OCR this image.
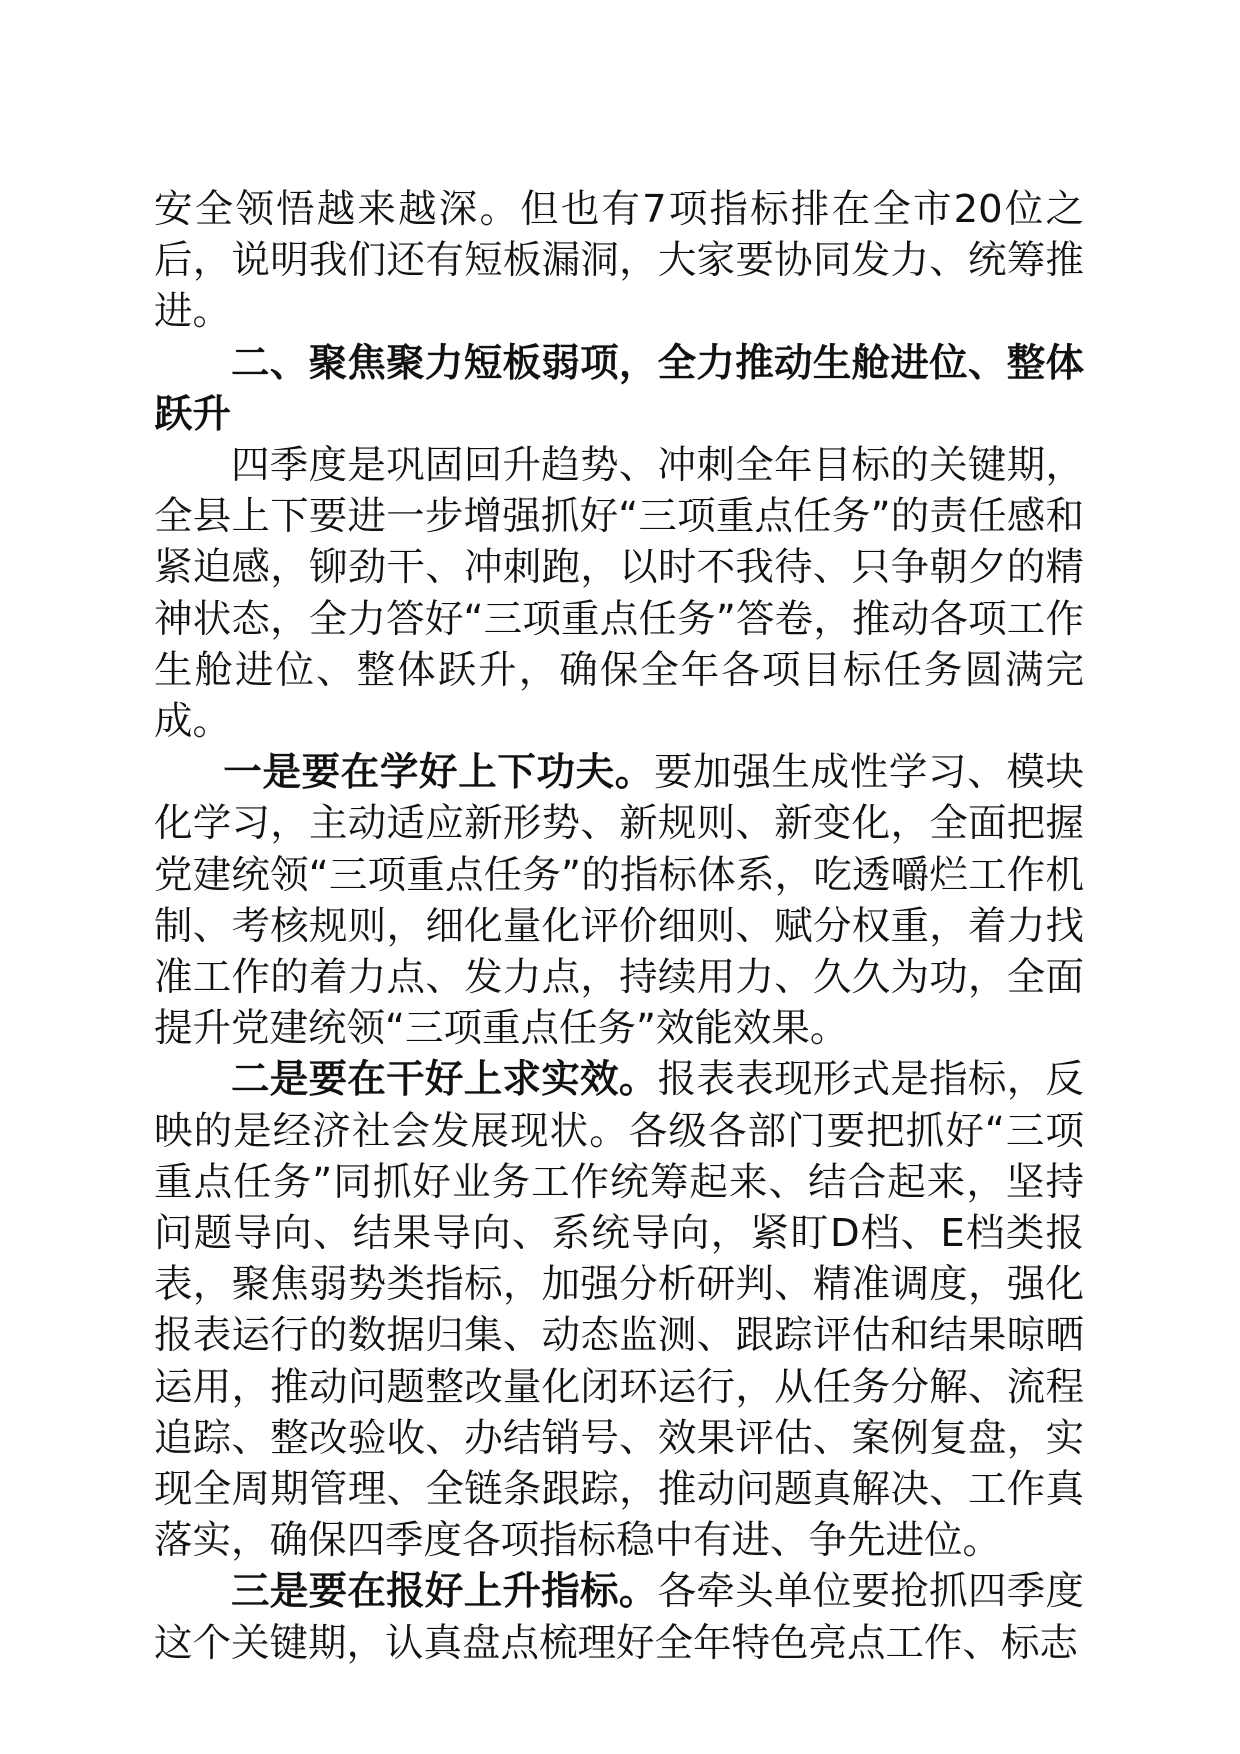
安全领悟越来越深。但也有7项指标排在全市20位之后，说明我们还有短板漏洞，大家要协同发力、统筹推进。

二、聚焦聚力短板弱项，全力推动生舱进位、整体跃升

四季度是巩固回升趋势、冲刺全年目标的关键期，全县上下要进一步增强抓好“三项重点任务”的责任感和紧迫感，铆劲干、冲刺跑，以时不我待、只争朝夕的精神状态，全力答好“三项重点任务”答卷，推动各项工作生舱进位、整体跃升，确保全年各项目标任务圆满完成。

一是要在学好上下功夫。要加强生成性学习、模块化学习，主动适应新形势、新规则、新变化，全面把握党建统领“三项重点任务”的指标体系，吃透嚼烂工作机制、考核规则，细化量化评价细则、赋分权重，着力找准工作的着力点、发力点，持续用力、久久为功，全面提升党建统领“三项重点任务”效能效果。

二是要在干好上求实效。报表表现形式是指标，反映的是经济社会发展现状。各级各部门要把抓好“三项重点任务”同抓好业务工作统筹起来、结合起来，坚持问题导向、结果导向、系统导向，紧盯D档、E档类报表，聚焦弱势类指标，加强分析研判、精准调度，强化报表运行的数据归集、动态监测、跟踪评估和结果晾晒运用，推动问题整改量化闭环运行，从任务分解、流程追踪、整改验收、办结销号、效果评估、案例复盘，实现全周期管理、全链条跟踪，推动问题真解决、工作真落实，确保四季度各项指标稳中有进、争先进位。

三是要在报好上升指标。各牵头单位要抢抓四季度这个关键期，认真盘点梳理好全年特色亮点工作、标志
